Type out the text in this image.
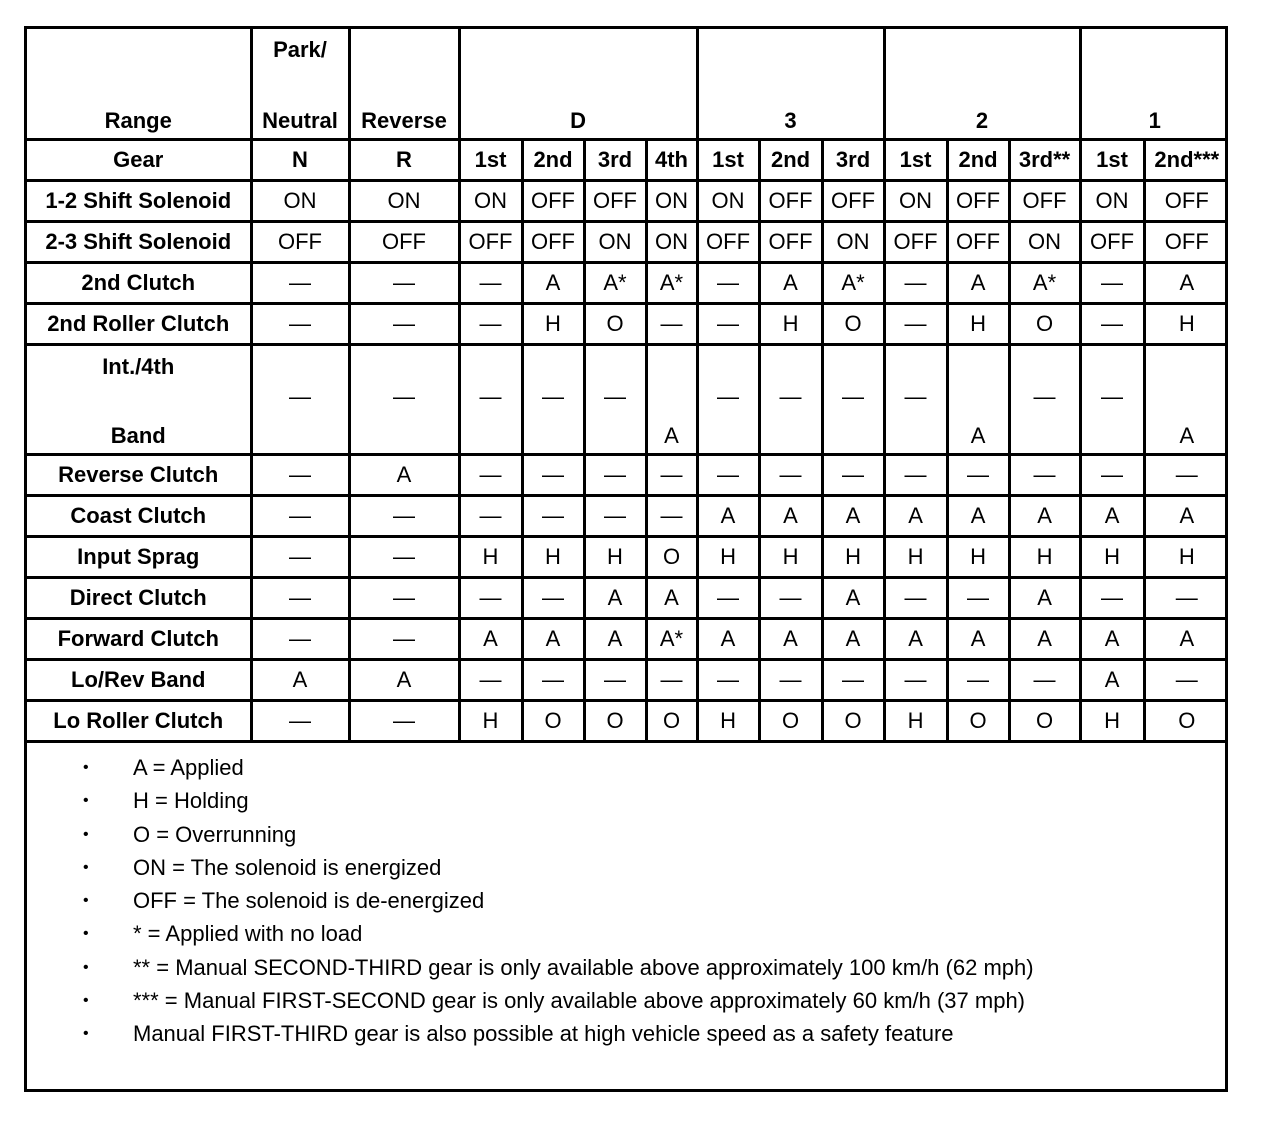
Range	Park/
Neutral	Reverse	D				3			2			1	
Gear	N	R	1st	2nd	3rd	4th	1st	2nd	3rd	1st	2nd	3rd**	1st	2nd***
1-2 Shift Solenoid	ON	ON	ON	OFF	OFF	ON	ON	OFF	OFF	ON	OFF	OFF	ON	OFF
2-3 Shift Solenoid	OFF	OFF	OFF	OFF	ON	ON	OFF	OFF	ON	OFF	OFF	ON	OFF	OFF
2nd Clutch	—	—	—	A	A*	A*	—	A	A*	—	A	A*	—	A
2nd Roller Clutch	—	—	—	H	O	—	—	H	O	—	H	O	—	H

Int./4th
Band	—	—	—	—	—	A	—	—	—	—	A	—	—	A

Reverse Clutch	—	A	—	—	—	—	—	—	—	—	—	—	—	—
Coast Clutch	—	—	—	—	—	—	A	A	A	A	A	A	A	A
Input Sprag	—	—	H	H	H	O	H	H	H	H	H	H	H	H
Direct Clutch	—	—	—	—	A	A	—	—	A	—	—	A	—	—
Forward Clutch	—	—	A	A	A	A*	A	A	A	A	A	A	A	A
Lo/Rev Band	A	A	—	—	—	—	—	—	—	—	—	—	A	—
Lo Roller Clutch	—	—	H	O	O	O	H	O	O	H	O	O	H	O
• A = Applied
• H = Holding
• O = Overrunning
• ON = The solenoid is energized
• OFF = The solenoid is de-energized
• * = Applied with no load
• ** = Manual SECOND-THIRD gear is only available above approximately 100 km/h (62 mph)
• *** = Manual FIRST-SECOND gear is only available above approximately 60 km/h (37 mph)
• Manual FIRST-THIRD gear is also possible at high vehicle speed as a safety feature
